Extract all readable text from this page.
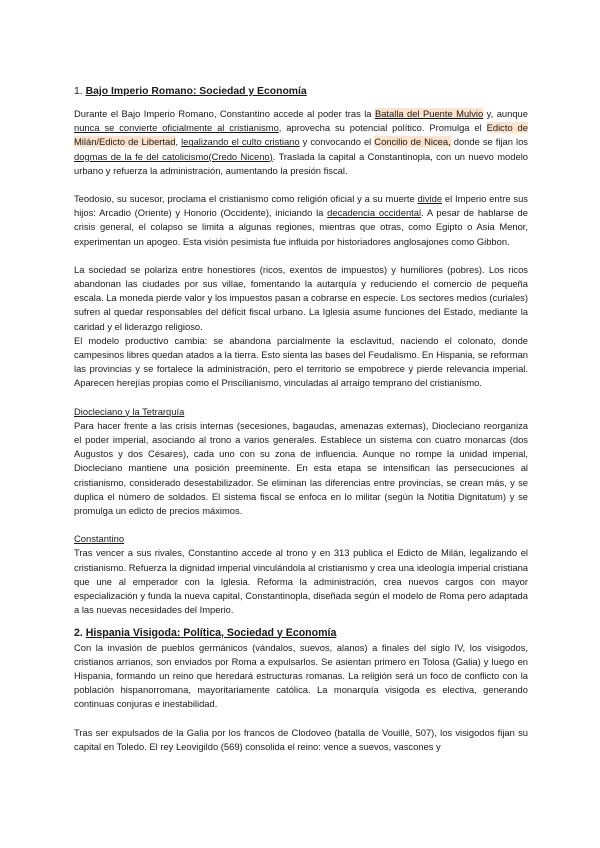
1. Bajo Imperio Romano: Sociedad y Economía

Durante el Bajo Imperio Romano, Constantino accede al poder tras la Batalla del Puente Mulvio y, aunque nunca se convierte oficialmente al cristianismo, aprovecha su potencial político. Promulga el Edicto de Milán/Edicto de Libertad, legalizando el culto cristiano y convocando el Concilio de Nicea, donde se fijan los dogmas de la fe del catolicismo(Credo Niceno). Traslada la capital a Constantinopla, con un nuevo modelo urbano y refuerza la administración, aumentando la presión fiscal.

Teodosio, su sucesor, proclama el cristianismo como religión oficial y a su muerte divide el Imperio entre sus hijos: Arcadio (Oriente) y Honorio (Occidente), iniciando la decadencia occidental. A pesar de hablarse de crisis general, el colapso se limita a algunas regiones, mientras que otras, como Egipto o Asia Menor, experimentan un apogeo. Esta visión pesimista fue influida por historiadores anglosajones como Gibbon.

La sociedad se polariza entre honestiores (ricos, exentos de impuestos) y humiliores (pobres). Los ricos abandonan las ciudades por sus villae, fomentando la autarquía y reduciendo el comercio de pequeña escala. La moneda pierde valor y los impuestos pasan a cobrarse en especie. Los sectores medios (curiales) sufren al quedar responsables del déficit fiscal urbano. La Iglesia asume funciones del Estado, mediante la caridad y el liderazgo religioso.

El modelo productivo cambia: se abandona parcialmente la esclavitud, naciendo el colonato, donde campesinos libres quedan atados a la tierra. Esto sienta las bases del Feudalismo. En Hispania, se reforman las provincias y se fortalece la administración, pero el territorio se empobrece y pierde relevancia imperial. Aparecen herejías propias como el Priscilianismo, vinculadas al arraigo temprano del cristianismo.

Diocleciano y la Tetrarquía

Para hacer frente a las crisis internas (secesiones, bagaudas, amenazas externas), Diocleciano reorganiza el poder imperial, asociando al trono a varios generales. Establece un sistema con cuatro monarcas (dos Augustos y dos Césares), cada uno con su zona de influencia. Aunque no rompe la unidad imperial, Diocleciano mantiene una posición preeminente. En esta etapa se intensifican las persecuciones al cristianismo, considerado desestabilizador. Se eliminan las diferencias entre provincias, se crean más, y se duplica el número de soldados. El sistema fiscal se enfoca en lo militar (según la Notitia Dignitatum) y se promulga un edicto de precios máximos.

Constantino

Tras vencer a sus rivales, Constantino accede al trono y en 313 publica el Edicto de Milán, legalizando el cristianismo. Refuerza la dignidad imperial vinculándola al cristianismo y crea una ideología imperial cristiana que une al emperador con la Iglesia. Reforma la administración, crea nuevos cargos con mayor especialización y funda la nueva capital, Constantinopla, diseñada según el modelo de Roma pero adaptada a las nuevas necesidades del Imperio.

2. Hispania Visigoda: Política, Sociedad y Economía

Con la invasión de pueblos germánicos (vándalos, suevos, alanos) a finales del siglo IV, los visigodos, cristianos arrianos, son enviados por Roma a expulsarlos. Se asientan primero en Tolosa (Galia) y luego en Hispania, formando un reino que heredará estructuras romanas. La religión será un foco de conflicto con la población hispanorromana, mayoritariamente católica. La monarquía visigoda es electiva, generando continuas conjuras e inestabilidad.

Tras ser expulsados de la Galia por los francos de Clodoveo (batalla de Vouillé, 507), los visigodos fijan su capital en Toledo. El rey Leovigildo (569) consolida el reino: vence a suevos, vascones y
